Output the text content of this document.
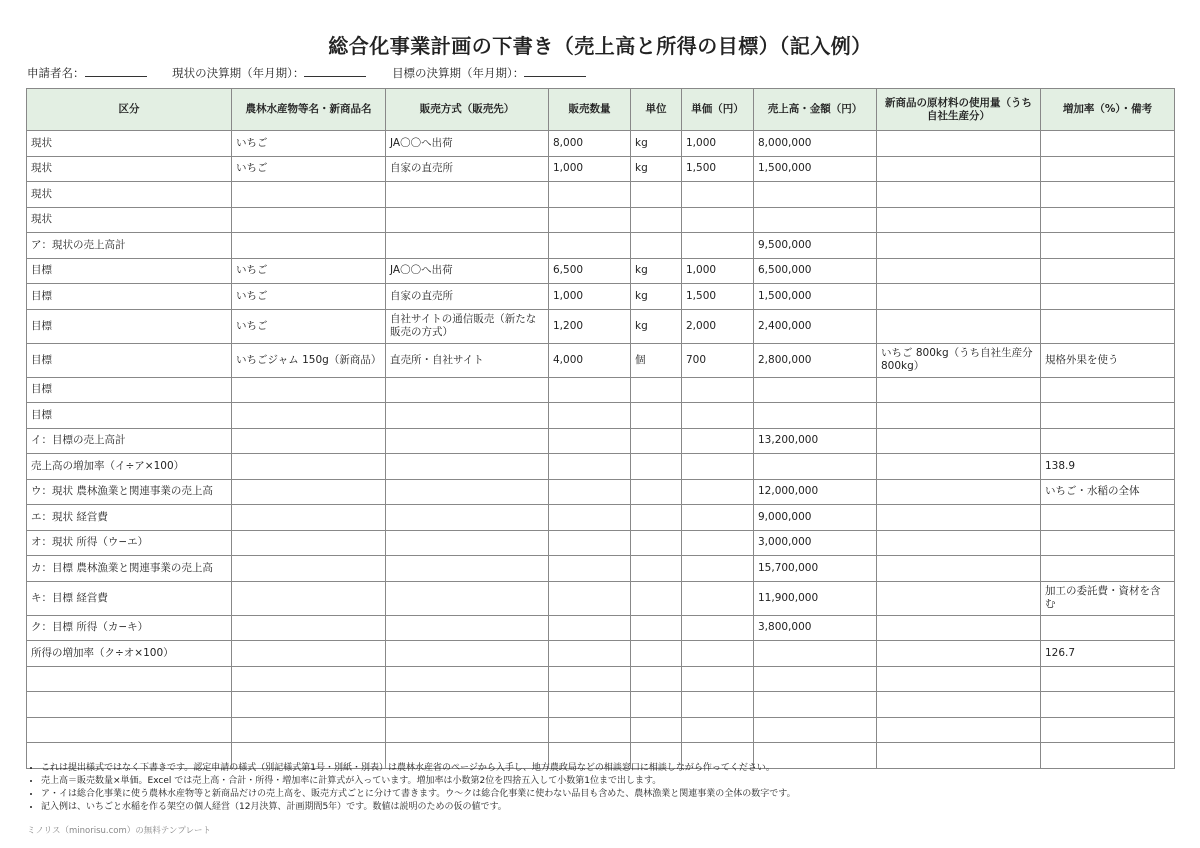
総合化事業計画の下書き（売上高と所得の目標）（記入例）
申請者名：	現状の決算期（年月期）：	目標の決算期（年月期）：
区分	農林水産物等名・新商品名	販売方式（販売先）	販売数量	単位	単価（円）	売上高・金額（円）	新商品の原材料の使用量（うち自社生産分）	増加率（%）・備考
現状	いちご	JA〇〇へ出荷	8,000	kg	1,000	8,000,000		
現状	いちご	自家の直売所	1,000	kg	1,500	1,500,000		
現状								
現状								
ア：現状の売上高計						9,500,000		
目標	いちご	JA〇〇へ出荷	6,500	kg	1,000	6,500,000		
目標	いちご	自家の直売所	1,000	kg	1,500	1,500,000		
目標	いちご	自社サイトの通信販売（新たな販売の方式）	1,200	kg	2,000	2,400,000		
目標	いちごジャム 150g（新商品）	直売所・自社サイト	4,000	個	700	2,800,000	いちご 800kg（うち自社生産分 800kg）	規格外果を使う
目標								
目標								
イ：目標の売上高計						13,200,000		
売上高の増加率（イ÷ア×100）								138.9
ウ：現状 農林漁業と関連事業の売上高						12,000,000		いちご・水稲の全体
エ：現状 経営費						9,000,000		
オ：現状 所得（ウ−エ）						3,000,000		
カ：目標 農林漁業と関連事業の売上高						15,700,000		
キ：目標 経営費						11,900,000		加工の委託費・資材を含む
ク：目標 所得（カ−キ）						3,800,000		
所得の増加率（ク÷オ×100）								126.7

• これは提出様式ではなく下書きです。認定申請の様式（別記様式第1号・別紙・別表）は農林水産省のページから入手し、地方農政局などの相談窓口に相談しながら作ってください。
• 売上高＝販売数量×単価。Excel では売上高・合計・所得・増加率に計算式が入っています。増加率は小数第2位を四捨五入して小数第1位まで出します。
• ア・イは総合化事業に使う農林水産物等と新商品だけの売上高を、販売方式ごとに分けて書きます。ウ〜クは総合化事業に使わない品目も含めた、農林漁業と関連事業の全体の数字です。
• 記入例は、いちごと水稲を作る架空の個人経営（12月決算、計画期間5年）です。数値は説明のための仮の値です。
ミノリス（minorisu.com）の無料テンプレート
